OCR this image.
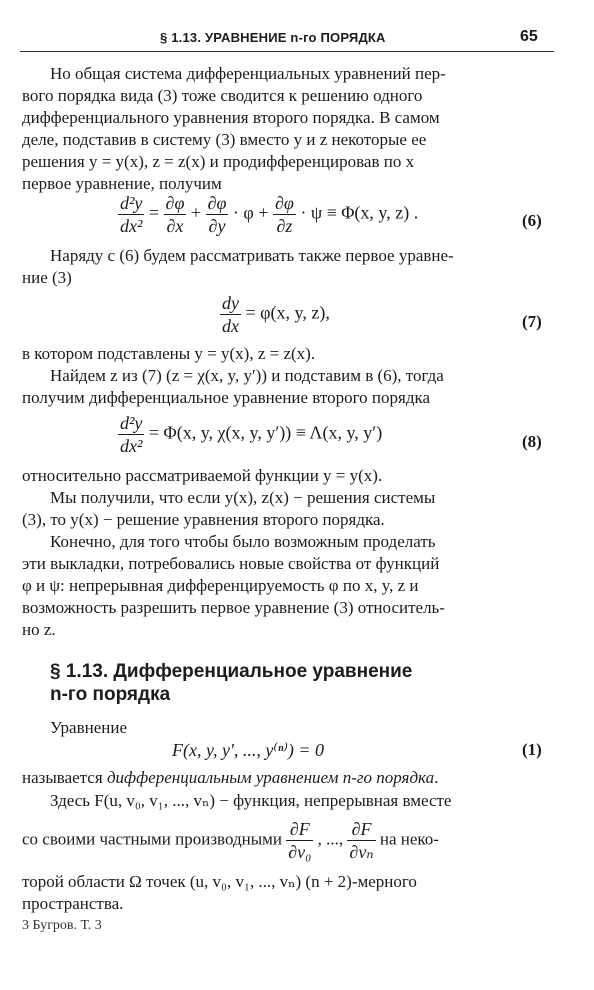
§ 1.13. УРАВНЕНИЕ n-го ПОРЯДКА	65
Но общая система дифференциальных уравнений пер-
вого порядка вида (3) тоже сводится к решению одного
дифференциального уравнения второго порядка. В самом
деле, подставив в систему (3) вместо y и z некоторые ее
решения y = y(x), z = z(x) и продифференцировав по x
первое уравнение, получим
$\frac{\text{d²y}}{\text{dx²}} = \frac{\partial\varphi}{\partial x} + \frac{\partial\varphi}{\partial y} \cdot \varphi + \frac{\partial\varphi}{\partial z} \cdot \psi \equiv \Phi(x$, y, z) .	(6)
Наряду с (6) будем рассматривать также первое уравне-
ние (3)
$\frac{dy}{dx} = \varphi(x$, y, z),	(7)
в котором подставлены y = y(x), z = z(x).
Найдем z из (7) (z = χ(x, y, y′)) и подставим в (6), тогда
получим дифференциальное уравнение второго порядка
$\frac{\text{d²y}}{\text{dx²}} = \Phi(x$, y, χ(x, y, y′)) ≡ Λ(x, y, y′)	(8)
относительно рассматриваемой функции y = y(x).
Мы получили, что если y(x), z(x) − решения системы
(3), то y(x) − решение уравнения второго порядка.
Конечно, для того чтобы было возможным проделать
эти выкладки, потребовались новые свойства от функций
φ и ψ: непрерывная дифференцируемость φ по x, y, z и
возможность разрешить первое уравнение (3) относитель-
но z.
§ 1.13. Дифференциальное уравнение
n-го порядка
Уравнение
F(x, y, y′, ..., y⁽ⁿ⁾) = 0	(1)
называется дифференциальным уравнением n-го порядка.
Здесь F(u, v₀, v₁, ..., vₙ) − функция, непрерывная вместе
со своими частными производными $\frac{\partial F}{\text{∂v₀}}$ , ..., $\frac{\partial F}{\text{∂vₙ}}$ на неко-
торой области Ω точек (u, v₀, v₁, ..., vₙ) (n + 2)-мерного
пространства.
3 Бугров. Т. 3
